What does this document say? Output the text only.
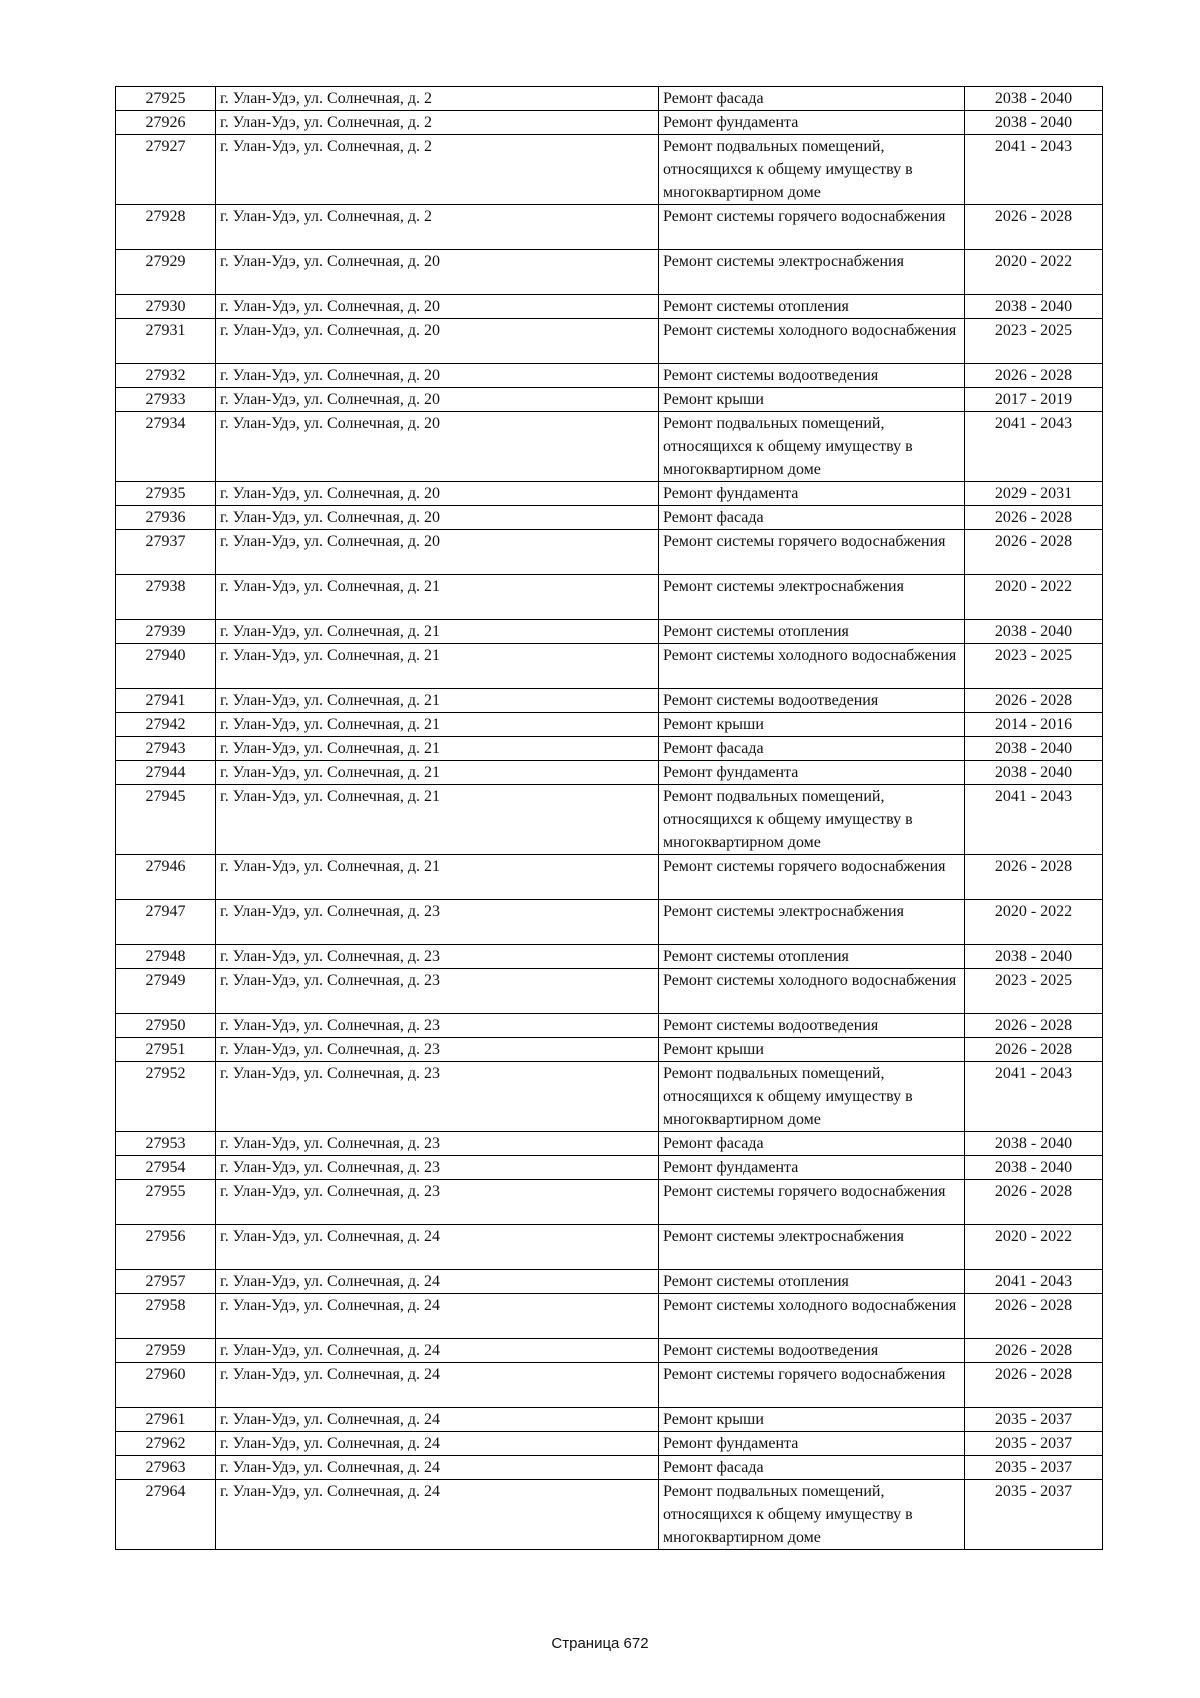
27925	г. Улан-Удэ, ул. Солнечная, д. 2	Ремонт фасада	2038 - 2040
27926	г. Улан-Удэ, ул. Солнечная, д. 2	Ремонт фундамента	2038 - 2040
27927	г. Улан-Удэ, ул. Солнечная, д. 2	Ремонт подвальных помещений, относящихся к общему имуществу в многоквартирном доме	2041 - 2043
27928	г. Улан-Удэ, ул. Солнечная, д. 2	Ремонт системы горячего водоснабжения	2026 - 2028
27929	г. Улан-Удэ, ул. Солнечная, д. 20	Ремонт системы электроснабжения	2020 - 2022
27930	г. Улан-Удэ, ул. Солнечная, д. 20	Ремонт системы отопления	2038 - 2040
27931	г. Улан-Удэ, ул. Солнечная, д. 20	Ремонт системы холодного водоснабжения	2023 - 2025
27932	г. Улан-Удэ, ул. Солнечная, д. 20	Ремонт системы водоотведения	2026 - 2028
27933	г. Улан-Удэ, ул. Солнечная, д. 20	Ремонт крыши	2017 - 2019
27934	г. Улан-Удэ, ул. Солнечная, д. 20	Ремонт подвальных помещений, относящихся к общему имуществу в многоквартирном доме	2041 - 2043
27935	г. Улан-Удэ, ул. Солнечная, д. 20	Ремонт фундамента	2029 - 2031
27936	г. Улан-Удэ, ул. Солнечная, д. 20	Ремонт фасада	2026 - 2028
27937	г. Улан-Удэ, ул. Солнечная, д. 20	Ремонт системы горячего водоснабжения	2026 - 2028
27938	г. Улан-Удэ, ул. Солнечная, д. 21	Ремонт системы электроснабжения	2020 - 2022
27939	г. Улан-Удэ, ул. Солнечная, д. 21	Ремонт системы отопления	2038 - 2040
27940	г. Улан-Удэ, ул. Солнечная, д. 21	Ремонт системы холодного водоснабжения	2023 - 2025
27941	г. Улан-Удэ, ул. Солнечная, д. 21	Ремонт системы водоотведения	2026 - 2028
27942	г. Улан-Удэ, ул. Солнечная, д. 21	Ремонт крыши	2014 - 2016
27943	г. Улан-Удэ, ул. Солнечная, д. 21	Ремонт фасада	2038 - 2040
27944	г. Улан-Удэ, ул. Солнечная, д. 21	Ремонт фундамента	2038 - 2040
27945	г. Улан-Удэ, ул. Солнечная, д. 21	Ремонт подвальных помещений, относящихся к общему имуществу в многоквартирном доме	2041 - 2043
27946	г. Улан-Удэ, ул. Солнечная, д. 21	Ремонт системы горячего водоснабжения	2026 - 2028
27947	г. Улан-Удэ, ул. Солнечная, д. 23	Ремонт системы электроснабжения	2020 - 2022
27948	г. Улан-Удэ, ул. Солнечная, д. 23	Ремонт системы отопления	2038 - 2040
27949	г. Улан-Удэ, ул. Солнечная, д. 23	Ремонт системы холодного водоснабжения	2023 - 2025
27950	г. Улан-Удэ, ул. Солнечная, д. 23	Ремонт системы водоотведения	2026 - 2028
27951	г. Улан-Удэ, ул. Солнечная, д. 23	Ремонт крыши	2026 - 2028
27952	г. Улан-Удэ, ул. Солнечная, д. 23	Ремонт подвальных помещений, относящихся к общему имуществу в многоквартирном доме	2041 - 2043
27953	г. Улан-Удэ, ул. Солнечная, д. 23	Ремонт фасада	2038 - 2040
27954	г. Улан-Удэ, ул. Солнечная, д. 23	Ремонт фундамента	2038 - 2040
27955	г. Улан-Удэ, ул. Солнечная, д. 23	Ремонт системы горячего водоснабжения	2026 - 2028
27956	г. Улан-Удэ, ул. Солнечная, д. 24	Ремонт системы электроснабжения	2020 - 2022
27957	г. Улан-Удэ, ул. Солнечная, д. 24	Ремонт системы отопления	2041 - 2043
27958	г. Улан-Удэ, ул. Солнечная, д. 24	Ремонт системы холодного водоснабжения	2026 - 2028
27959	г. Улан-Удэ, ул. Солнечная, д. 24	Ремонт системы водоотведения	2026 - 2028
27960	г. Улан-Удэ, ул. Солнечная, д. 24	Ремонт системы горячего водоснабжения	2026 - 2028
27961	г. Улан-Удэ, ул. Солнечная, д. 24	Ремонт крыши	2035 - 2037
27962	г. Улан-Удэ, ул. Солнечная, д. 24	Ремонт фундамента	2035 - 2037
27963	г. Улан-Удэ, ул. Солнечная, д. 24	Ремонт фасада	2035 - 2037
27964	г. Улан-Удэ, ул. Солнечная, д. 24	Ремонт подвальных помещений, относящихся к общему имуществу в многоквартирном доме	2035 - 2037
Страница 672
